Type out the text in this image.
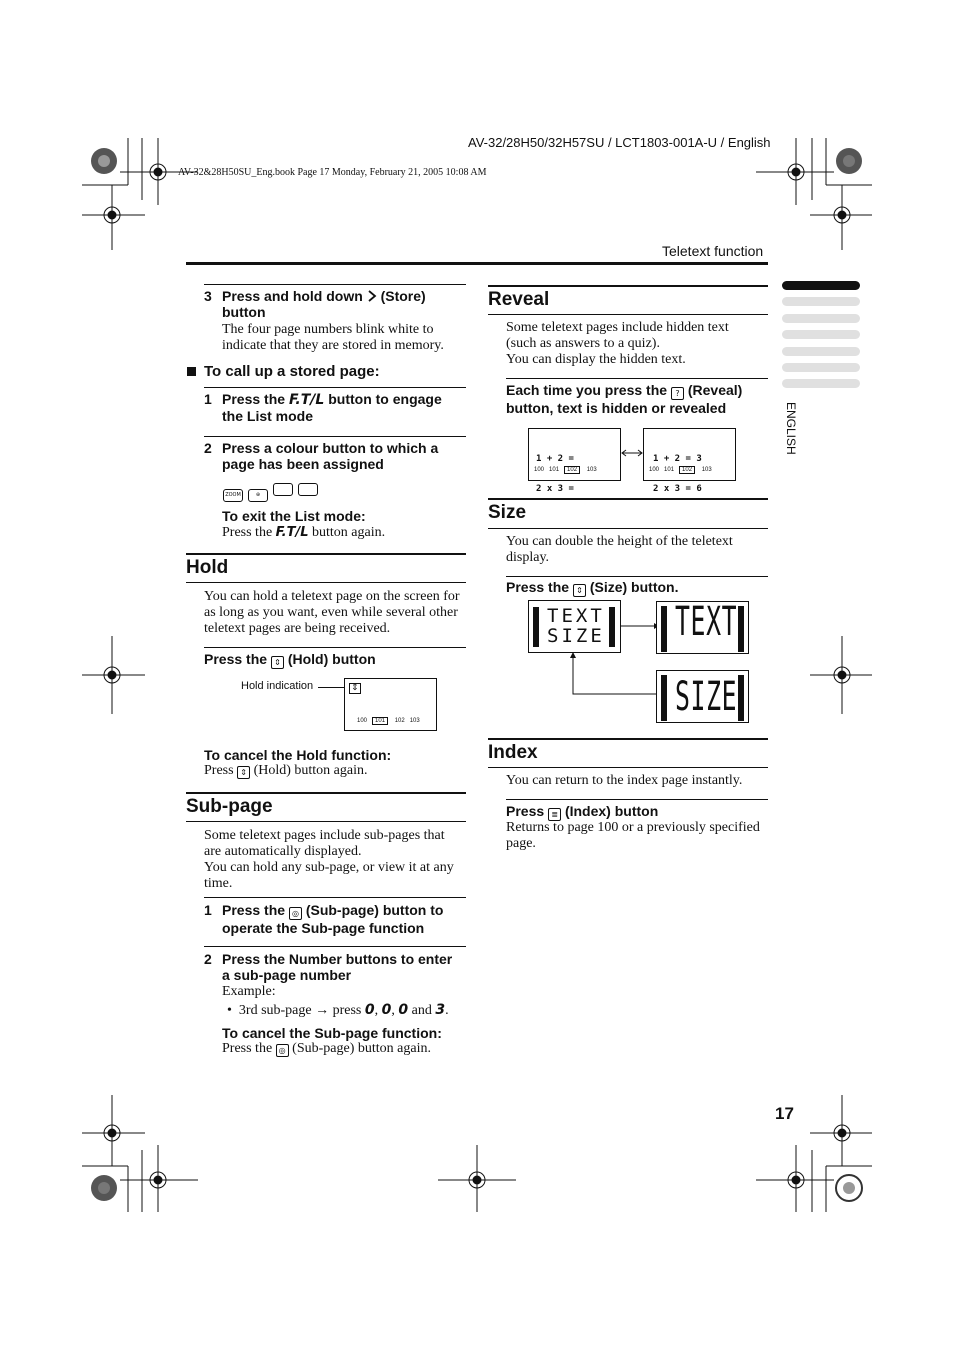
AV-32/28H50/32H57SU / LCT1803-001A-U / English
AV-32&28H50SU_Eng.book Page 17 Monday, February 21, 2005 10:08 AM
Teletext function
ENGLISH
3 Press and hold down (Store)
button
The four page numbers blink white to
indicate that they are stored in memory.
To call up a stored page:
1 Press the F.T/L button to engage
the List mode
2 Press a colour button to which a
page has been assigned
ZOOM	⊕
To exit the List mode:
Press the F.T/L button again.
Hold
You can hold a teletext page on the screen for
as long as you want, even while several other
teletext pages are being received.
Press the ⇕ (Hold) button
Hold indication	⇕
100 101 102 103
To cancel the Hold function:
Press ⇕ (Hold) button again.
Sub-page
Some teletext pages include sub-pages that
are automatically displayed.
You can hold any sub-page, or view it at any
time.
1 Press the ◎ (Sub-page) button to
operate the Sub-page function
2 Press the Number buttons to enter
a sub-page number
Example:
•  3rd sub-page → press 0, 0, 0 and 3.
To cancel the Sub-page function:
Press the ◎ (Sub-page) button again.
Reveal
Some teletext pages include hidden text
(such as answers to a quiz).
You can display the hidden text.
Each time you press the ? (Reveal)
button, text is hidden or revealed

1 + 2 =

2 x 3 =

100 101 102 103

1 + 2 = 3

2 x 3 = 6

100 101 102 103
Size
You can double the height of the teletext
display.
Press the ⇕ (Size) button.
TEXT
SIZE TEXT
SIZE
Index
You can return to the index page instantly.
Press ≣ (Index) button
Returns to page 100 or a previously specified
page.
17
